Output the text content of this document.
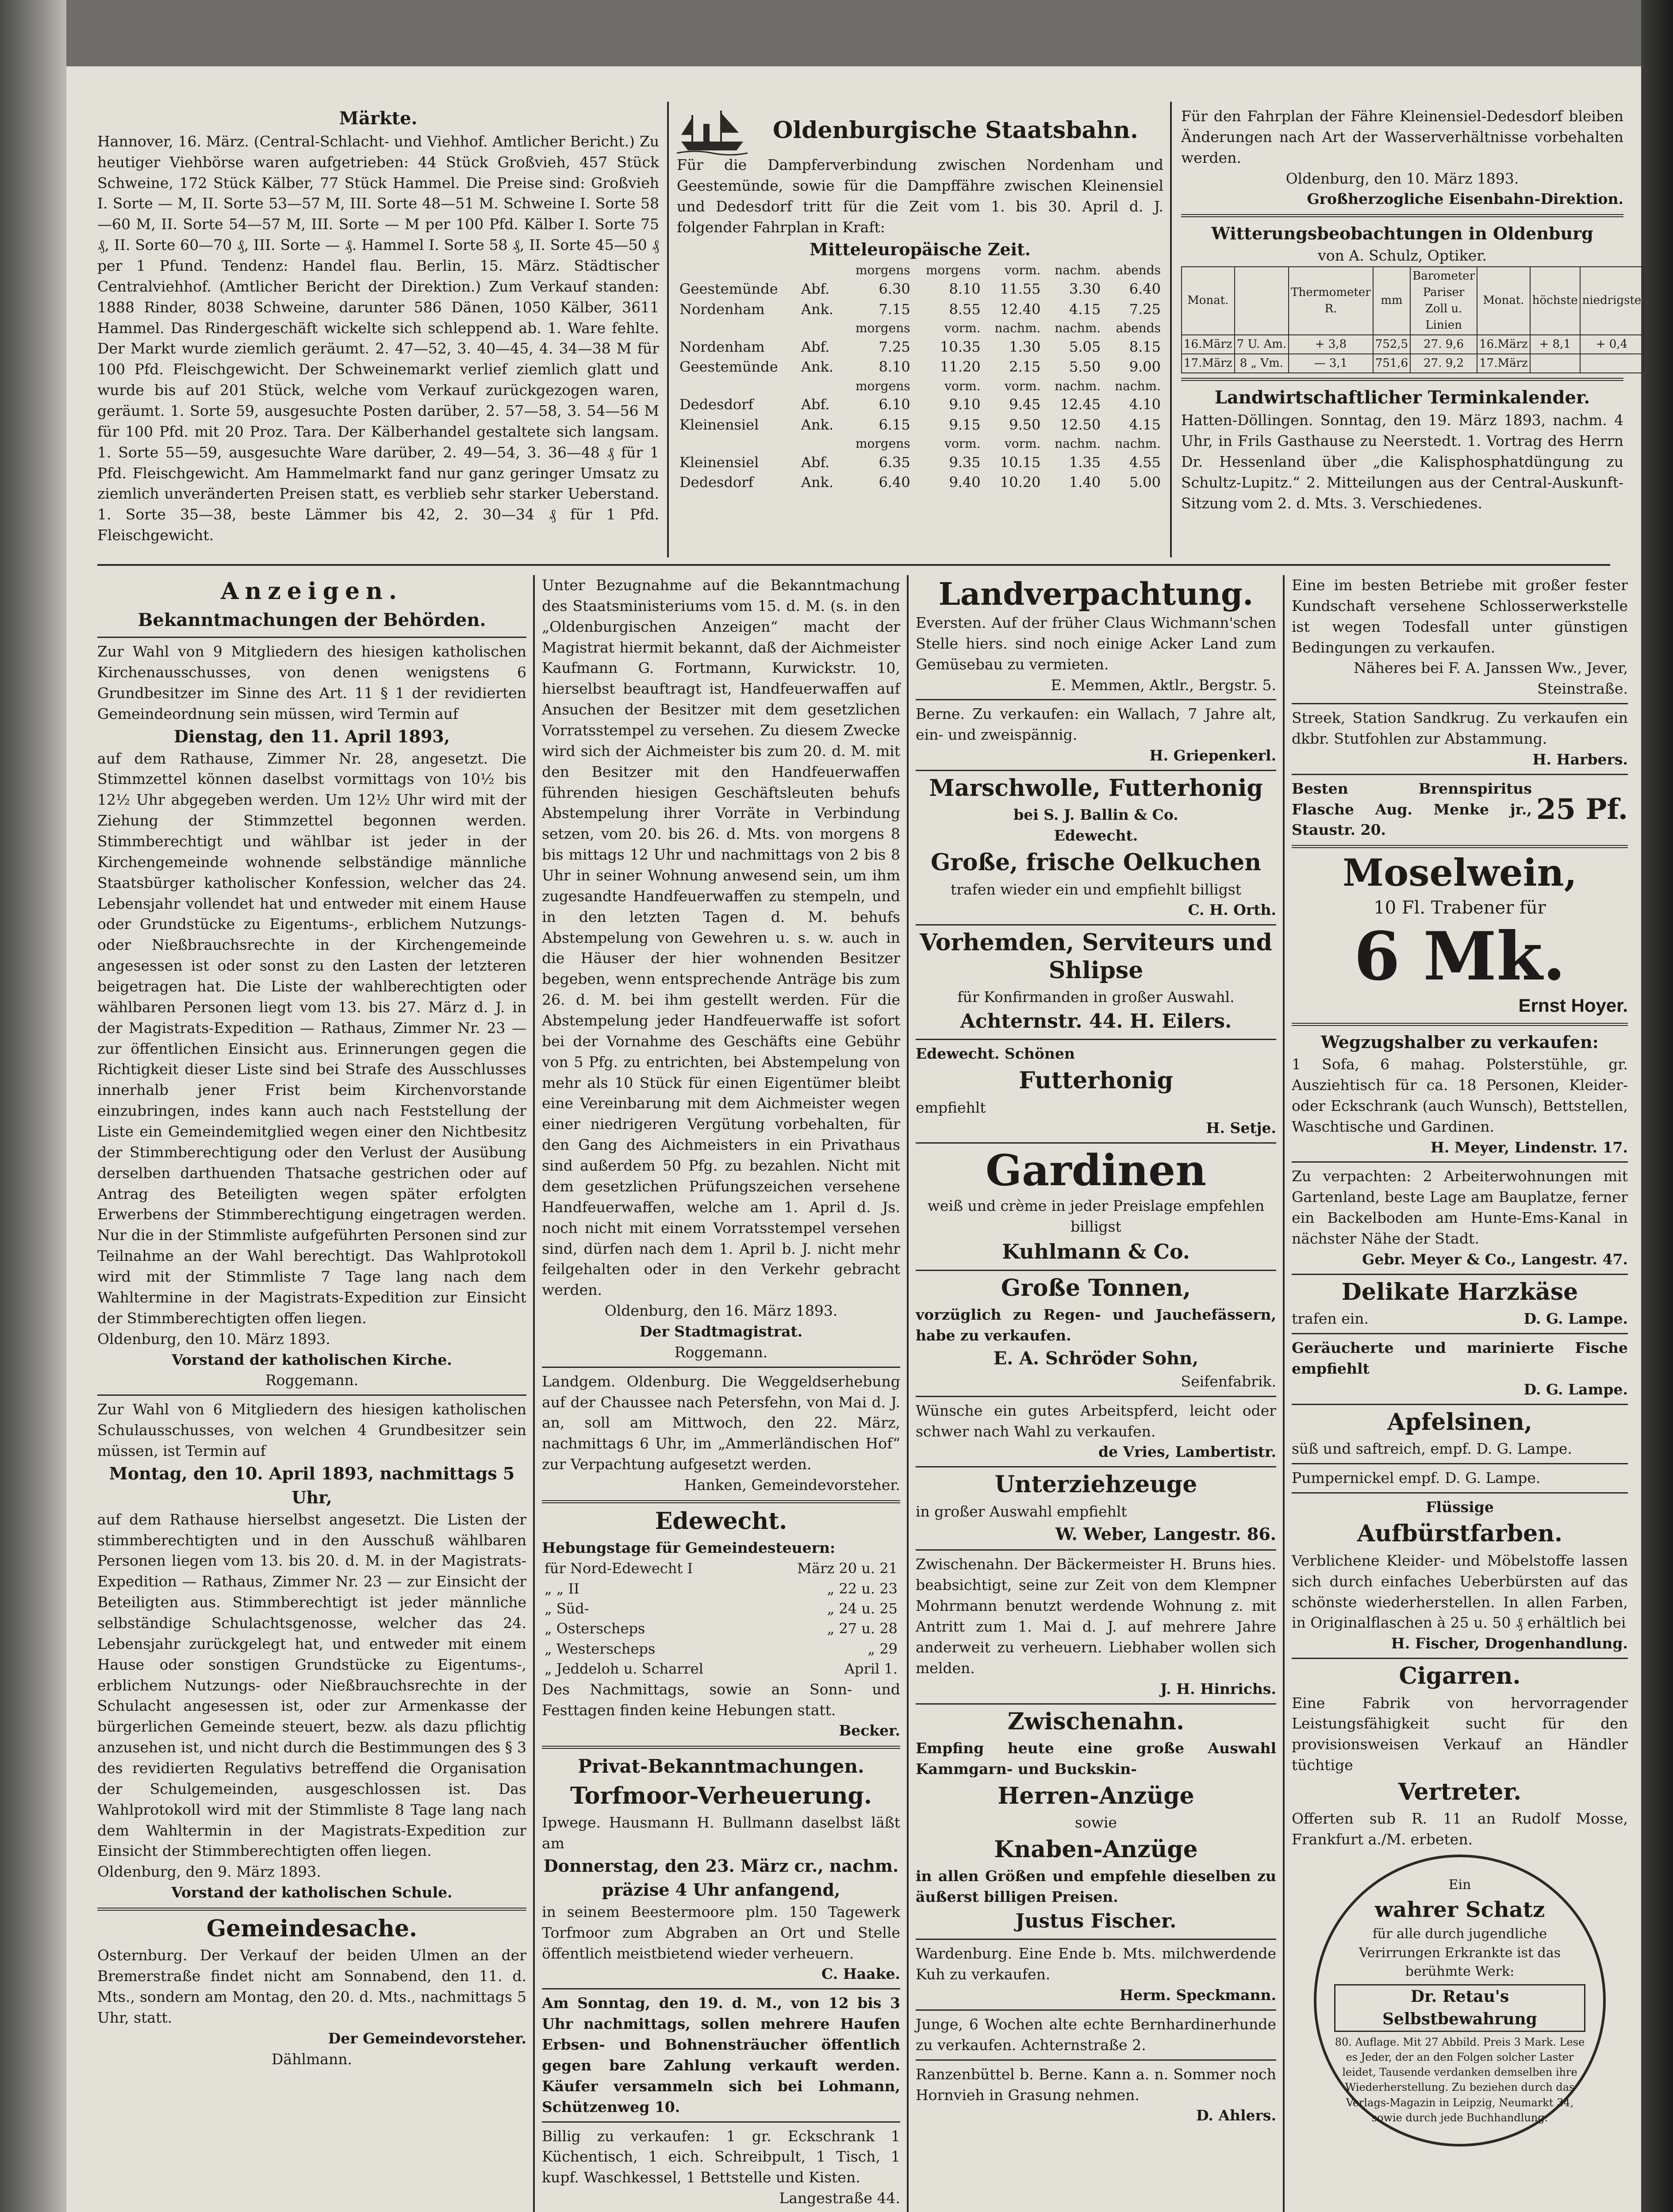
Märkte.

Hannover, 16. März. (Central-Schlacht- und Viehhof. Amtlicher Bericht.) Zu heutiger Viehbörse waren aufgetrieben: 44 Stück Großvieh, 457 Stück Schweine, 172 Stück Kälber, 77 Stück Hammel. Die Preise sind: Großvieh I. Sorte — M, II. Sorte 53—57 M, III. Sorte 48—51 M. Schweine I. Sorte 58—60 M, II. Sorte 54—57 M, III. Sorte — M per 100 Pfd. Kälber I. Sorte 75 ₰, II. Sorte 60—70 ₰, III. Sorte — ₰. Hammel I. Sorte 58 ₰, II. Sorte 45—50 ₰ per 1 Pfund. Tendenz: Handel flau. Berlin, 15. März. Städtischer Centralviehhof. (Amtlicher Bericht der Direktion.) Zum Verkauf standen: 1888 Rinder, 8038 Schweine, darunter 586 Dänen, 1050 Kälber, 3611 Hammel. Das Rindergeschäft wickelte sich schleppend ab. 1. Ware fehlte. Der Markt wurde ziemlich geräumt. 2. 47—52, 3. 40—45, 4. 34—38 M für 100 Pfd. Fleischgewicht. Der Schweinemarkt verlief ziemlich glatt und wurde bis auf 201 Stück, welche vom Verkauf zurückgezogen waren, geräumt. 1. Sorte 59, ausgesuchte Posten darüber, 2. 57—58, 3. 54—56 M für 100 Pfd. mit 20 Proz. Tara. Der Kälberhandel gestaltete sich langsam. 1. Sorte 55—59, ausgesuchte Ware darüber, 2. 49—54, 3. 36—48 ₰ für 1 Pfd. Fleischgewicht. Am Hammelmarkt fand nur ganz geringer Umsatz zu ziemlich unveränderten Preisen statt, es verblieb sehr starker Ueberstand. 1. Sorte 35—38, beste Lämmer bis 42, 2. 30—34 ₰ für 1 Pfd. Fleischgewicht.

Oldenburgische Staatsbahn.

Für die Dampferverbindung zwischen Nordenham und Geestemünde, sowie für die Dampffähre zwischen Kleinensiel und Dedesdorf tritt für die Zeit vom 1. bis 30. April d. J. folgender Fahrplan in Kraft:

Mitteleuropäische Zeit.
		morgens	morgens	vorm.	nachm.	abends
Geestemünde	Abf.	6.30	8.10	11.55	3.30	6.40
Nordenham	Ank.	7.15	8.55	12.40	4.15	7.25
		morgens	vorm.	nachm.	nachm.	abends
Nordenham	Abf.	7.25	10.35	1.30	5.05	8.15
Geestemünde	Ank.	8.10	11.20	2.15	5.50	9.00
		morgens	vorm.	vorm.	nachm.	nachm.
Dedesdorf	Abf.	6.10	9.10	9.45	12.45	4.10
Kleinensiel	Ank.	6.15	9.15	9.50	12.50	4.15
		morgens	vorm.	vorm.	nachm.	nachm.
Kleinensiel	Abf.	6.35	9.35	10.15	1.35	4.55
Dedesdorf	Ank.	6.40	9.40	10.20	1.40	5.00

Für den Fahrplan der Fähre Kleinensiel-Dedesdorf bleiben Änderungen nach Art der Wasserverhältnisse vorbehalten werden.

Oldenburg, den 10. März 1893.

Großherzogliche Eisenbahn-Direktion.

Witterungsbeobachtungen in Oldenburg
von A. Schulz, Optiker.
Monat.		Thermometer R.	mm	Barometer Pariser Zoll u. Linien	Monat.	höchste	niedrigste
16.März	7 U. Am.	+ 3,8	752,5	27. 9,6	16.März	+ 8,1	+ 0,4
17.März	8 „ Vm.	— 3,1	751,6	27. 9,2	17.März		
Landwirtschaftlicher Terminkalender.

Hatten-Döllingen. Sonntag, den 19. März 1893, nachm. 4 Uhr, in Frils Gasthause zu Neerstedt. 1. Vortrag des Herrn Dr. Hessenland über „die Kalisphosphatdüngung zu Schultz-Lupitz.“ 2. Mitteilungen aus der Central-Auskunft-Sitzung vom 2. d. Mts. 3. Verschiedenes.

Anzeigen.
Bekanntmachungen der Behörden.

Zur Wahl von 9 Mitgliedern des hiesigen katholischen Kirchenausschusses, von denen wenigstens 6 Grundbesitzer im Sinne des Art. 11 § 1 der revidierten Gemeindeordnung sein müssen, wird Termin auf

Dienstag, den 11. April 1893,

auf dem Rathause, Zimmer Nr. 28, angesetzt. Die Stimmzettel können daselbst vormittags von 10½ bis 12½ Uhr abgegeben werden. Um 12½ Uhr wird mit der Ziehung der Stimmzettel begonnen werden. Stimmberechtigt und wählbar ist jeder in der Kirchengemeinde wohnende selbständige männliche Staatsbürger katholischer Konfession, welcher das 24. Lebensjahr vollendet hat und entweder mit einem Hause oder Grundstücke zu Eigentums-, erblichem Nutzungs- oder Nießbrauchsrechte in der Kirchengemeinde angesessen ist oder sonst zu den Lasten der letzteren beigetragen hat. Die Liste der wahlberechtigten oder wählbaren Personen liegt vom 13. bis 27. März d. J. in der Magistrats-Expedition — Rathaus, Zimmer Nr. 23 — zur öffentlichen Einsicht aus. Erinnerungen gegen die Richtigkeit dieser Liste sind bei Strafe des Ausschlusses innerhalb jener Frist beim Kirchenvorstande einzubringen, indes kann auch nach Feststellung der Liste ein Gemeindemitglied wegen einer den Nichtbesitz der Stimmberechtigung oder den Verlust der Ausübung derselben darthuenden Thatsache gestrichen oder auf Antrag des Beteiligten wegen später erfolgten Erwerbens der Stimmberechtigung eingetragen werden. Nur die in der Stimmliste aufgeführten Personen sind zur Teilnahme an der Wahl berechtigt. Das Wahlprotokoll wird mit der Stimmliste 7 Tage lang nach dem Wahltermine in der Magistrats-Expedition zur Einsicht der Stimmberechtigten offen liegen.

Oldenburg, den 10. März 1893.

Vorstand der katholischen Kirche.

Roggemann.

Zur Wahl von 6 Mitgliedern des hiesigen katholischen Schulausschusses, von welchen 4 Grundbesitzer sein müssen, ist Termin auf

Montag, den 10. April 1893, nachmittags 5 Uhr,

auf dem Rathause hierselbst angesetzt. Die Listen der stimmberechtigten und in den Ausschuß wählbaren Personen liegen vom 13. bis 20. d. M. in der Magistrats-Expedition — Rathaus, Zimmer Nr. 23 — zur Einsicht der Beteiligten aus. Stimmberechtigt ist jeder männliche selbständige Schulachtsgenosse, welcher das 24. Lebensjahr zurückgelegt hat, und entweder mit einem Hause oder sonstigen Grundstücke zu Eigentums-, erblichem Nutzungs- oder Nießbrauchsrechte in der Schulacht angesessen ist, oder zur Armenkasse der bürgerlichen Gemeinde steuert, bezw. als dazu pflichtig anzusehen ist, und nicht durch die Bestimmungen des § 3 des revidierten Regulativs betreffend die Organisation der Schulgemeinden, ausgeschlossen ist. Das Wahlprotokoll wird mit der Stimmliste 8 Tage lang nach dem Wahltermin in der Magistrats-Expedition zur Einsicht der Stimmberechtigten offen liegen.

Oldenburg, den 9. März 1893.

Vorstand der katholischen Schule.

Gemeindesache.

Osternburg. Der Verkauf der beiden Ulmen an der Bremerstraße findet nicht am Sonnabend, den 11. d. Mts., sondern am Montag, den 20. d. Mts., nachmittags 5 Uhr, statt.

Der Gemeindevorsteher.

Dählmann.

Unter Bezugnahme auf die Bekanntmachung des Staatsministeriums vom 15. d. M. (s. in den „Oldenburgischen Anzeigen“ macht der Magistrat hiermit bekannt, daß der Aichmeister Kaufmann G. Fortmann, Kurwickstr. 10, hierselbst beauftragt ist, Handfeuerwaffen auf Ansuchen der Besitzer mit dem gesetzlichen Vorratsstempel zu versehen. Zu diesem Zwecke wird sich der Aichmeister bis zum 20. d. M. mit den Besitzer mit den Handfeuerwaffen führenden hiesigen Geschäftsleuten behufs Abstempelung ihrer Vorräte in Verbindung setzen, vom 20. bis 26. d. Mts. von morgens 8 bis mittags 12 Uhr und nachmittags von 2 bis 8 Uhr in seiner Wohnung anwesend sein, um ihm zugesandte Handfeuerwaffen zu stempeln, und in den letzten Tagen d. M. behufs Abstempelung von Gewehren u. s. w. auch in die Häuser der hier wohnenden Besitzer begeben, wenn entsprechende Anträge bis zum 26. d. M. bei ihm gestellt werden. Für die Abstempelung jeder Handfeuerwaffe ist sofort bei der Vornahme des Geschäfts eine Gebühr von 5 Pfg. zu entrichten, bei Abstempelung von mehr als 10 Stück für einen Eigentümer bleibt eine Vereinbarung mit dem Aichmeister wegen einer niedrigeren Vergütung vorbehalten, für den Gang des Aichmeisters in ein Privathaus sind außerdem 50 Pfg. zu bezahlen. Nicht mit dem gesetzlichen Prüfungszeichen versehene Handfeuerwaffen, welche am 1. April d. Js. noch nicht mit einem Vorratsstempel versehen sind, dürfen nach dem 1. April b. J. nicht mehr feilgehalten oder in den Verkehr gebracht werden.

Oldenburg, den 16. März 1893.

Der Stadtmagistrat.

Roggemann.

Landgem. Oldenburg. Die Weggeldserhebung auf der Chaussee nach Petersfehn, von Mai d. J. an, soll am Mittwoch, den 22. März, nachmittags 6 Uhr, im „Ammerländischen Hof“ zur Verpachtung aufgesetzt werden.

Hanken, Gemeindevorsteher.

Edewecht.

Hebungstage für Gemeindesteuern:

für Nord-Edewecht I	März 20 u. 21
„ „ II	„ 22 u. 23
„ Süd-	„ 24 u. 25
„ Osterscheps	„ 27 u. 28
„ Westerscheps	„ 29
„ Jeddeloh u. Scharrel	April 1.

Des Nachmittags, sowie an Sonn- und Festtagen finden keine Hebungen statt.

Becker.

Privat-Bekanntmachungen.
Torfmoor-Verheuerung.

Ipwege. Hausmann H. Bullmann daselbst läßt am

Donnerstag, den 23. März cr., nachm. präzise 4 Uhr anfangend,

in seinem Beestermoore plm. 150 Tagewerk Torfmoor zum Abgraben an Ort und Stelle öffentlich meistbietend wieder verheuern.

C. Haake.

Am Sonntag, den 19. d. M., von 12 bis 3 Uhr nachmittags, sollen mehrere Haufen Erbsen- und Bohnensträucher öffentlich gegen bare Zahlung verkauft werden. Käufer versammeln sich bei Lohmann, Schützenweg 10.

Billig zu verkaufen: 1 gr. Eckschrank 1 Küchentisch, 1 eich. Schreibpult, 1 Tisch, 1 kupf. Waschkessel, 1 Bettstelle und Kisten.

Langestraße 44.

Landverpachtung.

Eversten. Auf der früher Claus Wichmann'schen Stelle hiers. sind noch einige Acker Land zum Gemüsebau zu vermieten.

E. Memmen, Aktlr., Bergstr. 5.

Berne. Zu verkaufen: ein Wallach, 7 Jahre alt, ein- und zweispännig.

H. Griepenkerl.

Marschwolle, Futterhonig

bei S. J. Ballin & Co.

Edewecht.

Große, frische Oelkuchen

trafen wieder ein und empfiehlt billigst

C. H. Orth.

Vorhemden, Serviteurs und Shlipse

für Konfirmanden in großer Auswahl.

Achternstr. 44. H. Eilers.

Edewecht. Schönen

Futterhonig

empfiehlt

H. Setje.

Gardinen

weiß und crème in jeder Preislage empfehlen billigst

Kuhlmann & Co.

Große Tonnen,

vorzüglich zu Regen- und Jauchefässern, habe zu verkaufen.

E. A. Schröder Sohn,

Seifenfabrik.

Wünsche ein gutes Arbeitspferd, leicht oder schwer nach Wahl zu verkaufen.

de Vries, Lambertistr.

Unterziehzeuge

in großer Auswahl empfiehlt

W. Weber, Langestr. 86.

Zwischenahn. Der Bäckermeister H. Bruns hies. beabsichtigt, seine zur Zeit von dem Klempner Mohrmann benutzt werdende Wohnung z. mit Antritt zum 1. Mai d. J. auf mehrere Jahre anderweit zu verheuern. Liebhaber wollen sich melden.

J. H. Hinrichs.

Zwischenahn.

Empfing heute eine große Auswahl Kammgarn- und Buckskin-

Herren-Anzüge

sowie

Knaben-Anzüge

in allen Größen und empfehle dieselben zu äußerst billigen Preisen.

Justus Fischer.

Wardenburg. Eine Ende b. Mts. milchwerdende Kuh zu verkaufen.

Herm. Speckmann.

Junge, 6 Wochen alte echte Bernhardinerhunde zu verkaufen. Achternstraße 2.

Ranzenbüttel b. Berne. Kann a. n. Sommer noch Hornvieh in Grasung nehmen.

D. Ahlers.

Eine im besten Betriebe mit großer fester Kundschaft versehene Schlosserwerkstelle ist wegen Todesfall unter günstigen Bedingungen zu verkaufen.

Näheres bei F. A. Janssen Ww., Jever, Steinstraße.

Streek, Station Sandkrug. Zu verkaufen ein dkbr. Stutfohlen zur Abstammung.

H. Harbers.

Besten Brennspiritus Flasche Aug. Menke jr., Staustr. 20.

25 Pf.
Moselwein,

10 Fl. Trabener für

6 Mk.

Ernst Hoyer.

Wegzugshalber zu verkaufen:

1 Sofa, 6 mahag. Polsterstühle, gr. Ausziehtisch für ca. 18 Personen, Kleider- oder Eckschrank (auch Wunsch), Bettstellen, Waschtische und Gardinen.

H. Meyer, Lindenstr. 17.

Zu verpachten: 2 Arbeiterwohnungen mit Gartenland, beste Lage am Bauplatze, ferner ein Backelboden am Hunte-Ems-Kanal in nächster Nähe der Stadt.

Gebr. Meyer & Co., Langestr. 47.

Delikate Harzkäse
trafen ein.	D. G. Lampe.

Geräucherte und marinierte Fische empfiehlt

D. G. Lampe.

Apfelsinen,

süß und saftreich, empf. D. G. Lampe.

Pumpernickel empf. D. G. Lampe.

Flüssige

Aufbürstfarben.

Verblichene Kleider- und Möbelstoffe lassen sich durch einfaches Ueberbürsten auf das schönste wiederherstellen. In allen Farben, in Originalflaschen à 25 u. 50 ₰ erhältlich bei

H. Fischer, Drogenhandlung.

Cigarren.

Eine Fabrik von hervorragender Leistungsfähigkeit sucht für den provisionsweisen Verkauf an Händler tüchtige

Vertreter.

Offerten sub R. 11 an Rudolf Mosse, Frankfurt a./M. erbeten.

Ein
wahrer Schatz
für alle durch jugendliche Verirrungen Erkrankte ist das berühmte Werk:
Dr. Retau's Selbstbewahrung
80. Auflage. Mit 27 Abbild. Preis 3 Mark. Lese es Jeder, der an den Folgen solcher Laster leidet, Tausende verdanken demselben ihre Wiederherstellung. Zu beziehen durch das Verlags-Magazin in Leipzig, Neumarkt 34, sowie durch jede Buchhandlung.
